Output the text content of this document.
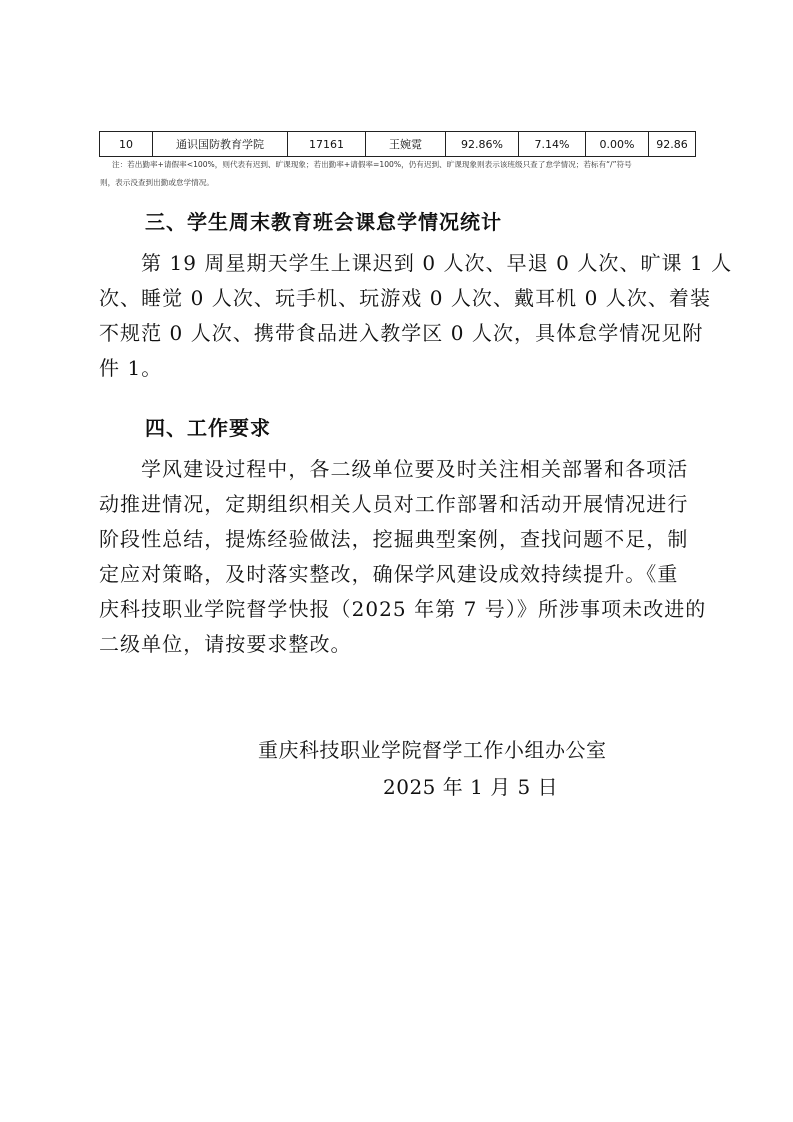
10	通识国防教育学院	17161	王婉霓	92.86%	7.14%	0.00%	92.86
注：若出勤率+请假率<100%，则代表有迟到、旷课现象；若出勤率+请假率=100%，仍有迟到、旷课现象则表示该班级只查了怠学情况；若标有“/”符号
则，表示没查到出勤或怠学情况。
三、学生周末教育班会课怠学情况统计
第 19 周星期天学生上课迟到 0 人次、早退 0 人次、旷课 1 人
次、睡觉 0 人次、玩手机、玩游戏 0 人次、戴耳机 0 人次、着装
不规范 0 人次、携带食品进入教学区 0 人次，具体怠学情况见附
件 1。
四、工作要求
学风建设过程中，各二级单位要及时关注相关部署和各项活
动推进情况，定期组织相关人员对工作部署和活动开展情况进行
阶段性总结，提炼经验做法，挖掘典型案例，查找问题不足，制
定应对策略，及时落实整改，确保学风建设成效持续提升。《重
庆科技职业学院督学快报（2025 年第 7 号）》所涉事项未改进的
二级单位，请按要求整改。
重庆科技职业学院督学工作小组办公室
2025 年 1 月 5 日
